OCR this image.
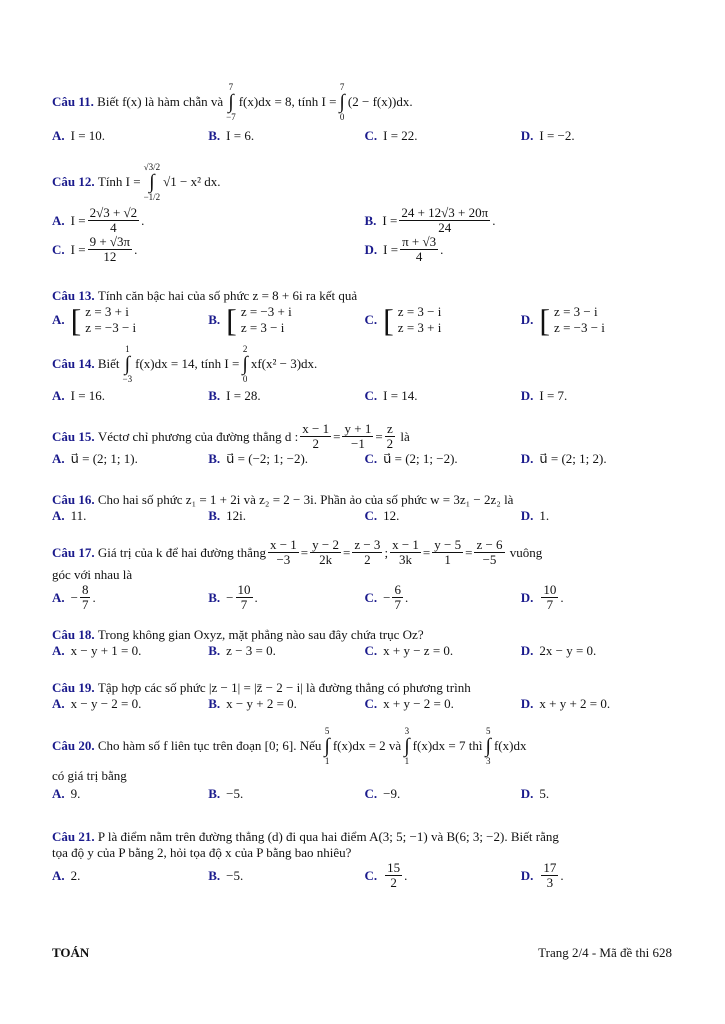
Câu 11.
Biết f(x) là hàm chẵn và
7
∫
−7
f(x)dx = 8, tính I =
7
∫
0
(2 − f(x))dx.
A. I = 10.	B. I = 6.	C. I = 22.	D. I = −2.
Câu 12.
Tính I =
√3/2
∫
−1/2
√1 − x² dx.
A. $I = \frac{2√3 + √2}{4}$ .	B. $I = \frac{24 + 12√3 + 20\pi}{24}$ .
C. $I = \frac{9 + √3\pi}{12}$ .	D. $I = \frac{\pi + √3}{4}$ .
Câu 13. Tính căn bậc hai của số phức z = 8 + 6i ra kết quả
A. [ z = 3 + i
z = −3 − i
B. [ z = −3 + i
z = 3 − i
C. [ z = 3 − i
z = 3 + i
D. [ z = 3 − i
z = −3 − i
Câu 14.
Biết
1
∫
−3
f(x)dx = 14, tính I =
2
∫
0
xf(x² − 3)dx.
A. I = 16.	B. I = 28.	C. I = 14.	D. I = 7.
Câu 15.
Véctơ chỉ phương của đường thẳng d : $\frac{x - 1}{2} = \frac{y + 1}{-1} = \frac{z}{2}$
là
A. u⃗ = (2; 1; 1).	B. u⃗ = (−2; 1; −2).	C. u⃗ = (2; 1; −2).	D. u⃗ = (2; 1; 2).
Câu 16. Cho hai số phức z₁ = 1 + 2i và z₂ = 2 − 3i. Phần ảo của số phức w = 3z₁ − 2z₂ là
A. 11.	B. 12i.	C. 12.	D. 1.
Câu 17.
Giá trị của k để hai đường thẳng $\frac{x - 1}{-3} = \frac{y - 2}{2k} = \frac{z - 3}{2}$ ; $\frac{x - 1}{3k} = \frac{y - 5}{1} = \frac{z - 6}{-5}$
vuông
góc với nhau là
A. − $\frac{8}{7}$ .	B. − $\frac{10}{7}$ .	C. − $\frac{6}{7}$ .	D. $\frac{10}{7}$ .
Câu 18. Trong không gian Oxyz, mặt phẳng nào sau đây chứa trục Oz?
A. x − y + 1 = 0.	B. z − 3 = 0.	C. x + y − z = 0.	D. 2x − y = 0.
Câu 19. Tập hợp các số phức |z − 1| = |z̄ − 2 − i| là đường thẳng có phương trình
A. x − y − 2 = 0.	B. x − y + 2 = 0.	C. x + y − 2 = 0.	D. x + y + 2 = 0.
Câu 20.
Cho hàm số f liên tục trên đoạn [0; 6]. Nếu
5
∫
1
f(x)dx = 2 và
3
∫
1
f(x)dx = 7 thì
5
∫
3
f(x)dx
có giá trị bằng
A. 9.	B. −5.	C. −9.	D. 5.
Câu 21. P là điểm nằm trên đường thẳng (d) đi qua hai điểm A(3; 5; −1) và B(6; 3; −2). Biết rằng
tọa độ y của P bằng 2, hỏi tọa độ x của P bằng bao nhiêu?
A. 2.	B. −5.	C. $\frac{15}{2}$ .	D. $\frac{17}{3}$ .
TOÁN	Trang 2/4 - Mã đề thi 628
